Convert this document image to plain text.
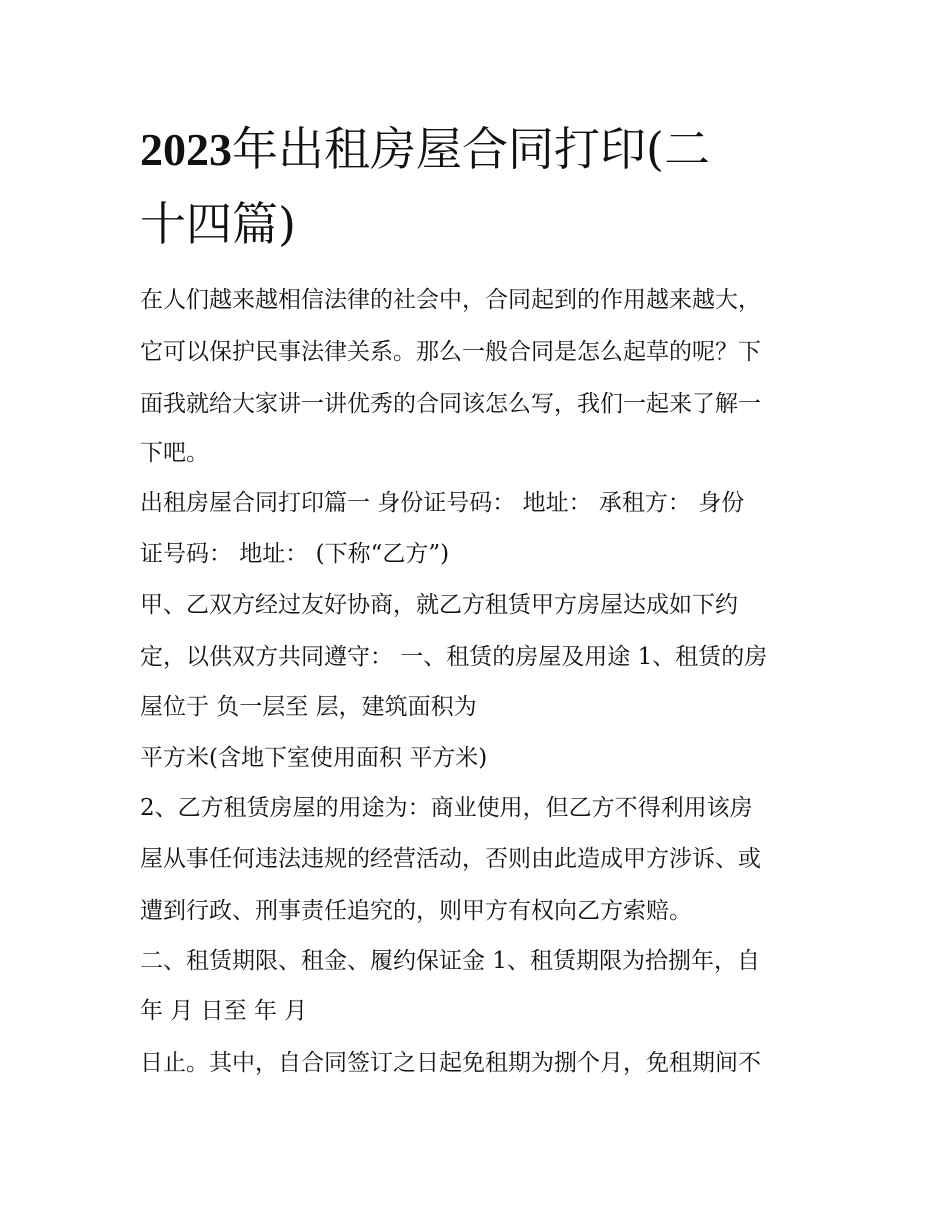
2023年出租房屋合同打印(二
十四篇)

在人们越来越相信法律的社会中，合同起到的作用越来越大，

它可以保护民事法律关系。那么一般合同是怎么起草的呢？下

面我就给大家讲一讲优秀的合同该怎么写，我们一起来了解一

下吧。

出租房屋合同打印篇一 身份证号码： 地址： 承租方： 身份

证号码： 地址： (下称“乙方”)

甲、乙双方经过友好协商，就乙方租赁甲方房屋达成如下约

定，以供双方共同遵守： 一、租赁的房屋及用途 1、租赁的房

屋位于 负一层至 层，建筑面积为

平方米(含地下室使用面积 平方米)

2、乙方租赁房屋的用途为：商业使用，但乙方不得利用该房

屋从事任何违法违规的经营活动，否则由此造成甲方涉诉、或

遭到行政、刑事责任追究的，则甲方有权向乙方索赔。

二、租赁期限、租金、履约保证金 1、租赁期限为拾捌年，自

年 月 日至 年 月

日止。其中，自合同签订之日起免租期为捌个月，免租期间不
